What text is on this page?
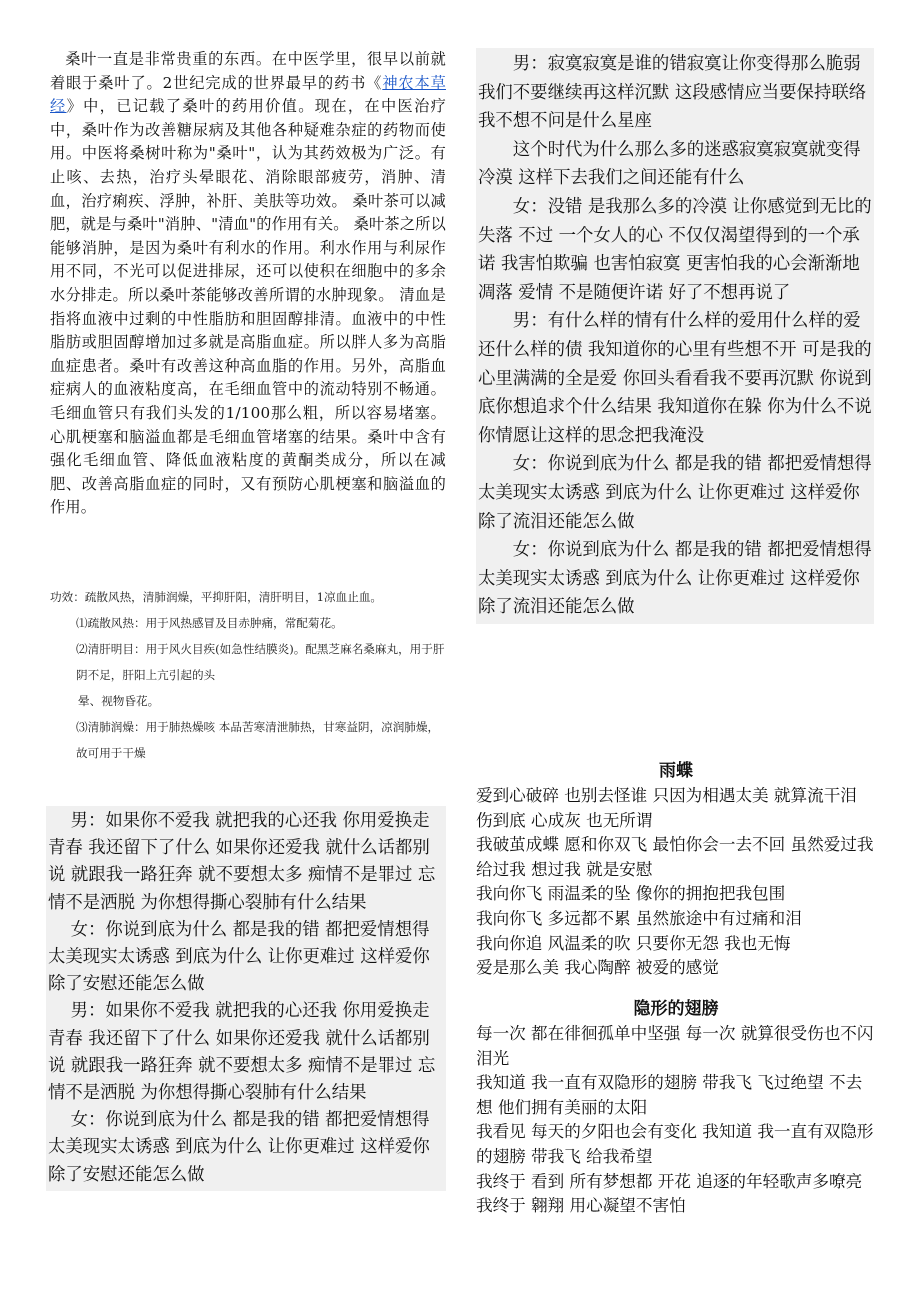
桑叶一直是非常贵重的东西。在中医学里，很早以前就着眼于桑叶了。2世纪完成的世界最早的药书《神农本草经》中，已记载了桑叶的药用价值。现在，在中医治疗中，桑叶作为改善糖尿病及其他各种疑难杂症的药物而使用。中医将桑树叶称为"桑叶"，认为其药效极为广泛。有止咳、去热，治疗头晕眼花、消除眼部疲劳，消肿、清血，治疗痢疾、浮肿，补肝、美肤等功效。 桑叶茶可以减肥，就是与桑叶"消肿、"清血"的作用有关。 桑叶茶之所以能够消肿，是因为桑叶有利水的作用。利水作用与利尿作用不同，不光可以促进排尿，还可以使积在细胞中的多余水分排走。所以桑叶茶能够改善所谓的水肿现象。 清血是指将血液中过剩的中性脂肪和胆固醇排清。血液中的中性脂肪或胆固醇增加过多就是高脂血症。所以胖人多为高脂血症患者。桑叶有改善这种高血脂的作用。另外，高脂血症病人的血液粘度高，在毛细血管中的流动特别不畅通。毛细血管只有我们头发的1/100那么粗，所以容易堵塞。心肌梗塞和脑溢血都是毛细血管堵塞的结果。桑叶中含有强化毛细血管、降低血液粘度的黄酮类成分，所以在减肥、改善高脂血症的同时，又有预防心肌梗塞和脑溢血的作用。

功效：疏散风热，清肺润燥，平抑肝阳，清肝明目，1凉血止血。

⑴疏散风热：用于风热感冒及目赤肿痛，常配菊花。

⑵清肝明目：用于风火目疾(如急性结膜炎)。配黑芝麻名桑麻丸，用于肝阴不足，肝阳上亢引起的头

晕、视物昏花。

⑶清肺润燥：用于肺热燥咳 本品苦寒清泄肺热，甘寒益阴，凉润肺燥，故可用于干燥

男：如果你不爱我 就把我的心还我 你用爱换走青春 我还留下了什么 如果你还爱我 就什么话都别说 就跟我一路狂奔 就不要想太多 痴情不是罪过 忘情不是洒脱 为你想得撕心裂肺有什么结果

女：你说到底为什么 都是我的错 都把爱情想得太美现实太诱惑 到底为什么 让你更难过 这样爱你除了安慰还能怎么做

男：如果你不爱我 就把我的心还我 你用爱换走青春 我还留下了什么 如果你还爱我 就什么话都别说 就跟我一路狂奔 就不要想太多 痴情不是罪过 忘情不是洒脱 为你想得撕心裂肺有什么结果

女：你说到底为什么 都是我的错 都把爱情想得太美现实太诱惑 到底为什么 让你更难过 这样爱你除了安慰还能怎么做

男：寂寞寂寞是谁的错寂寞让你变得那么脆弱 我们不要继续再这样沉默 这段感情应当要保持联络 我不想不问是什么星座

这个时代为什么那么多的迷惑寂寞寂寞就变得冷漠 这样下去我们之间还能有什么

女：没错 是我那么多的冷漠 让你感觉到无比的失落 不过 一个女人的心 不仅仅渴望得到的一个承诺 我害怕欺骗 也害怕寂寞 更害怕我的心会渐渐地凋落 爱情 不是随便许诺 好了不想再说了

男：有什么样的情有什么样的爱用什么样的爱还什么样的债 我知道你的心里有些想不开 可是我的心里满满的全是爱 你回头看看我不要再沉默 你说到底你想追求个什么结果 我知道你在躲 你为什么不说 你情愿让这样的思念把我淹没

女：你说到底为什么 都是我的错 都把爱情想得太美现实太诱惑 到底为什么 让你更难过 这样爱你除了流泪还能怎么做

女：你说到底为什么 都是我的错 都把爱情想得太美现实太诱惑 到底为什么 让你更难过 这样爱你除了流泪还能怎么做

雨蝶

爱到心破碎 也别去怪谁 只因为相遇太美 就算流干泪 伤到底 心成灰 也无所谓

我破茧成蝶 愿和你双飞 最怕你会一去不回 虽然爱过我 给过我 想过我 就是安慰

我向你飞 雨温柔的坠 像你的拥抱把我包围

我向你飞 多远都不累 虽然旅途中有过痛和泪

我向你追 风温柔的吹 只要你无怨 我也无悔

爱是那么美 我心陶醉 被爱的感觉

隐形的翅膀

每一次 都在徘徊孤单中坚强 每一次 就算很受伤也不闪泪光

我知道 我一直有双隐形的翅膀 带我飞 飞过绝望 不去想 他们拥有美丽的太阳

我看见 每天的夕阳也会有变化 我知道 我一直有双隐形的翅膀 带我飞 给我希望

我终于 看到 所有梦想都 开花 追逐的年轻歌声多嘹亮 我终于 翱翔 用心凝望不害怕
